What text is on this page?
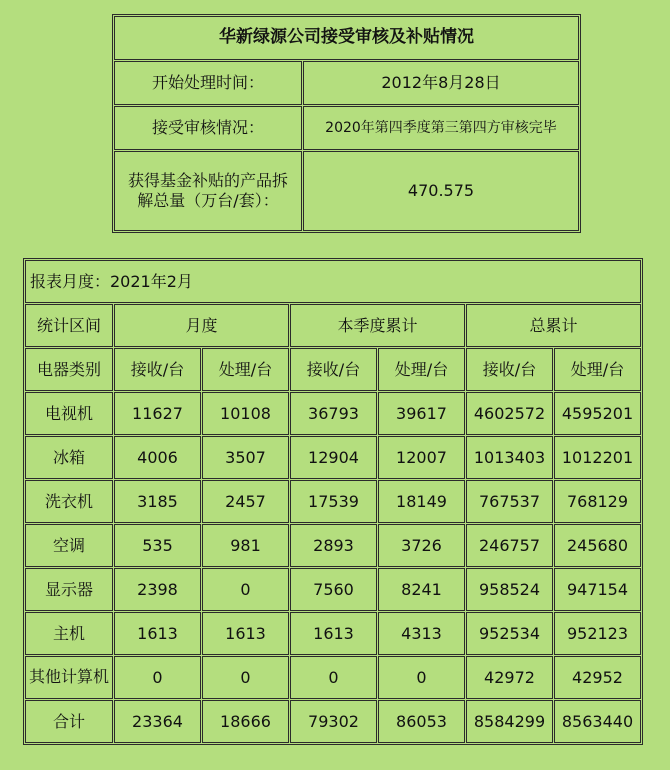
华新绿源公司接受审核及补贴情况	
开始处理时间：	2012年8月28日
接受审核情况：	2020年第四季度第三第四方审核完毕
获得基金补贴的产品拆解总量（万台/套）：	470.575
报表月度：2021年2月						
统计区间	月度		本季度累计		总累计	
电器类别	接收/台	处理/台	接收/台	处理/台	接收/台	处理/台
电视机	11627	10108	36793	39617	4602572	4595201
冰箱	4006	3507	12904	12007	1013403	1012201
洗衣机	3185	2457	17539	18149	767537	768129
空调	535	981	2893	3726	246757	245680
显示器	2398	0	7560	8241	958524	947154
主机	1613	1613	1613	4313	952534	952123
其他计算机	0	0	0	0	42972	42952
合计	23364	18666	79302	86053	8584299	8563440
